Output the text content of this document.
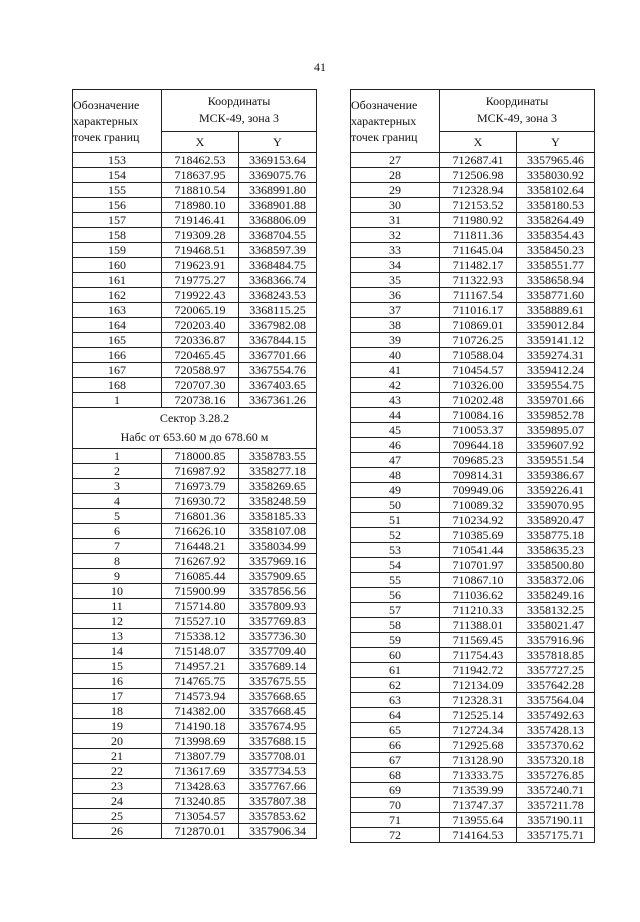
41
Обозначение характерных точек границ	Координаты
МСК-49, зона 3	
	X	Y
153	718462.53	3369153.64
154	718637.95	3369075.76
155	718810.54	3368991.80
156	718980.10	3368901.88
157	719146.41	3368806.09
158	719309.28	3368704.55
159	719468.51	3368597.39
160	719623.91	3368484.75
161	719775.27	3368366.74
162	719922.43	3368243.53
163	720065.19	3368115.25
164	720203.40	3367982.08
165	720336.87	3367844.15
166	720465.45	3367701.66
167	720588.97	3367554.76
168	720707.30	3367403.65
1	720738.16	3367361.26
Сектор 3.28.2
Набс от 653.60 м до 678.60 м		
1	718000.85	3358783.55
2	716987.92	3358277.18
3	716973.79	3358269.65
4	716930.72	3358248.59
5	716801.36	3358185.33
6	716626.10	3358107.08
7	716448.21	3358034.99
8	716267.92	3357969.16
9	716085.44	3357909.65
10	715900.99	3357856.56
11	715714.80	3357809.93
12	715527.10	3357769.83
13	715338.12	3357736.30
14	715148.07	3357709.40
15	714957.21	3357689.14
16	714765.75	3357675.55
17	714573.94	3357668.65
18	714382.00	3357668.45
19	714190.18	3357674.95
20	713998.69	3357688.15
21	713807.79	3357708.01
22	713617.69	3357734.53
23	713428.63	3357767.66
24	713240.85	3357807.38
25	713054.57	3357853.62
26	712870.01	3357906.34
Обозначение характерных точек границ	Координаты
МСК-49, зона 3	
	X	Y
27	712687.41	3357965.46
28	712506.98	3358030.92
29	712328.94	3358102.64
30	712153.52	3358180.53
31	711980.92	3358264.49
32	711811.36	3358354.43
33	711645.04	3358450.23
34	711482.17	3358551.77
35	711322.93	3358658.94
36	711167.54	3358771.60
37	711016.17	3358889.61
38	710869.01	3359012.84
39	710726.25	3359141.12
40	710588.04	3359274.31
41	710454.57	3359412.24
42	710326.00	3359554.75
43	710202.48	3359701.66
44	710084.16	3359852.78
45	710053.37	3359895.07
46	709644.18	3359607.92
47	709685.23	3359551.54
48	709814.31	3359386.67
49	709949.06	3359226.41
50	710089.32	3359070.95
51	710234.92	3358920.47
52	710385.69	3358775.18
53	710541.44	3358635.23
54	710701.97	3358500.80
55	710867.10	3358372.06
56	711036.62	3358249.16
57	711210.33	3358132.25
58	711388.01	3358021.47
59	711569.45	3357916.96
60	711754.43	3357818.85
61	711942.72	3357727.25
62	712134.09	3357642.28
63	712328.31	3357564.04
64	712525.14	3357492.63
65	712724.34	3357428.13
66	712925.68	3357370.62
67	713128.90	3357320.18
68	713333.75	3357276.85
69	713539.99	3357240.71
70	713747.37	3357211.78
71	713955.64	3357190.11
72	714164.53	3357175.71
